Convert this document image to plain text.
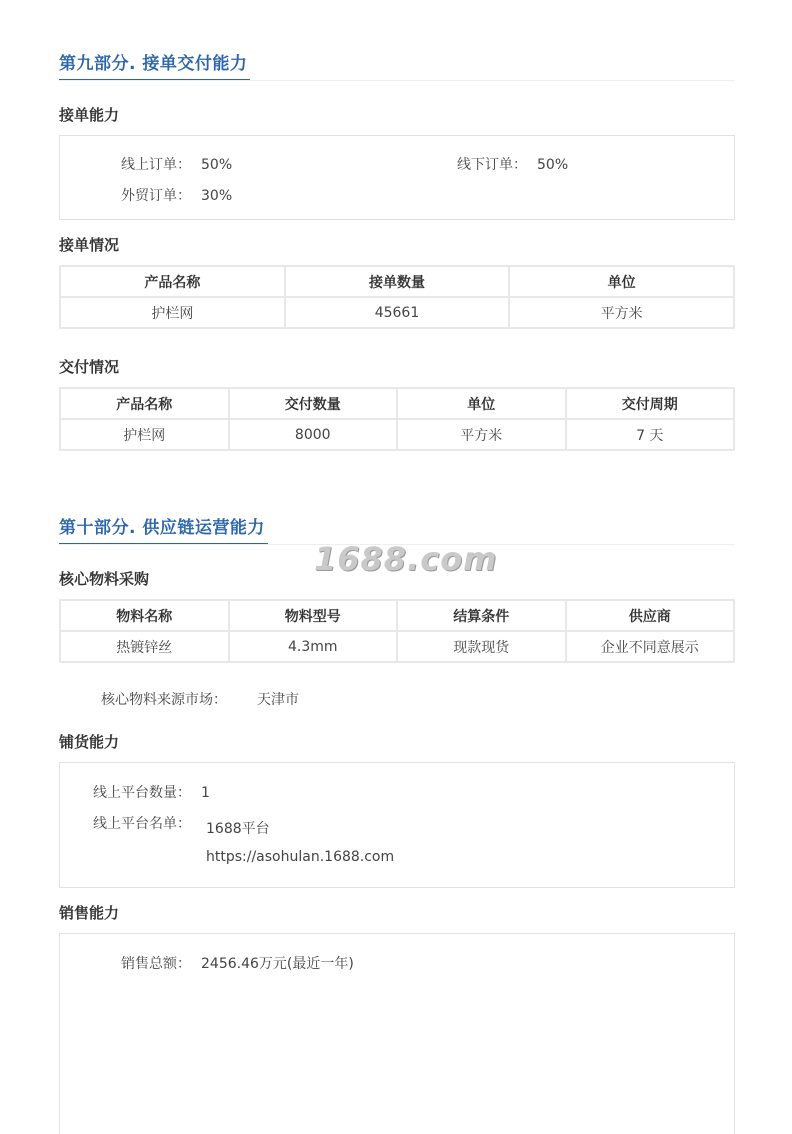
第九部分. 接单交付能力
接单能力
线上订单： 50%	线下订单： 50%
外贸订单： 30%
接单情况
产品名称	接单数量	单位
护栏网	45661	平方米
交付情况
产品名称	交付数量	单位	交付周期
护栏网	8000	平方米	7 天
第十部分. 供应链运营能力
1688.com
核心物料采购
物料名称	物料型号	结算条件	供应商
热镀锌丝	4.3mm	现款现货	企业不同意展示
核心物料来源市场： 天津市
铺货能力
线上平台数量： 1
线上平台名单： 1688平台
https://asohulan.1688.com
销售能力
销售总额： 2456.46万元(最近一年)
